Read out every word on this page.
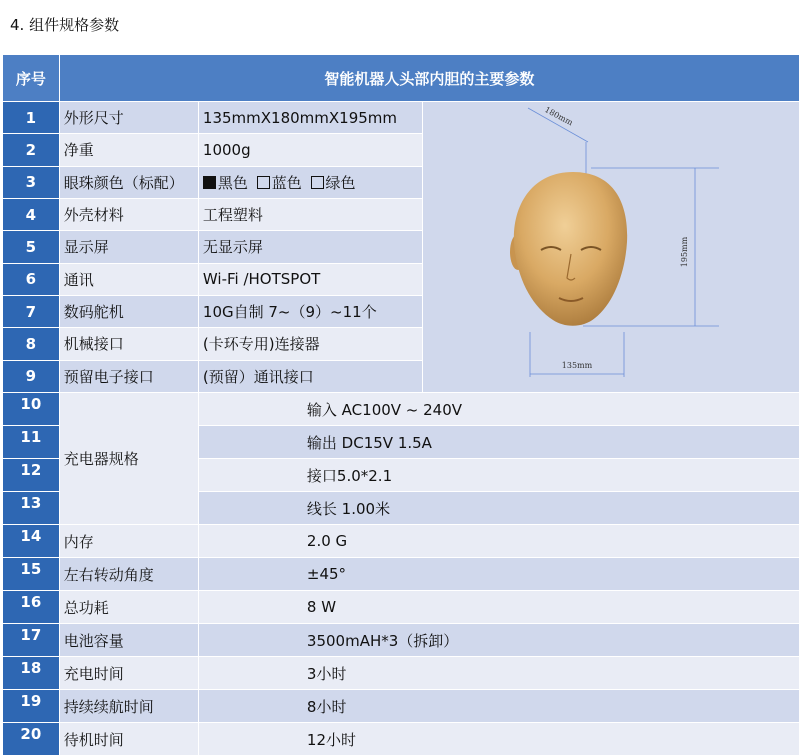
4. 组件规格参数
序号	智能机器人头部内胆的主要参数		
1	外形尺寸	135mmX180mmX195mm	180mm
195mm
135mm

2	净重	1000g	
3	眼珠颜色（标配）	黑色 蓝色 绿色	
4	外壳材料	工程塑料	
5	显示屏	无显示屏	
6	通讯	Wi-Fi /HOTSPOT	
7	数码舵机	10G自制 7~（9）~11个	
8	机械接口	(卡环专用)连接器	
9	预留电子接口	(预留）通讯接口	
10	充电器规格	输入 AC100V ~ 240V	
11		输出 DC15V 1.5A	
12		接口5.0*2.1	
13		线长 1.00米	
14	内存	2.0 G	
15	左右转动角度	±45°	
16	总功耗	8 W	
17	电池容量	3500mAH*3（拆卸）	
18	充电时间	3小时	
19	持续续航时间	8小时	
20	待机时间	12小时	
